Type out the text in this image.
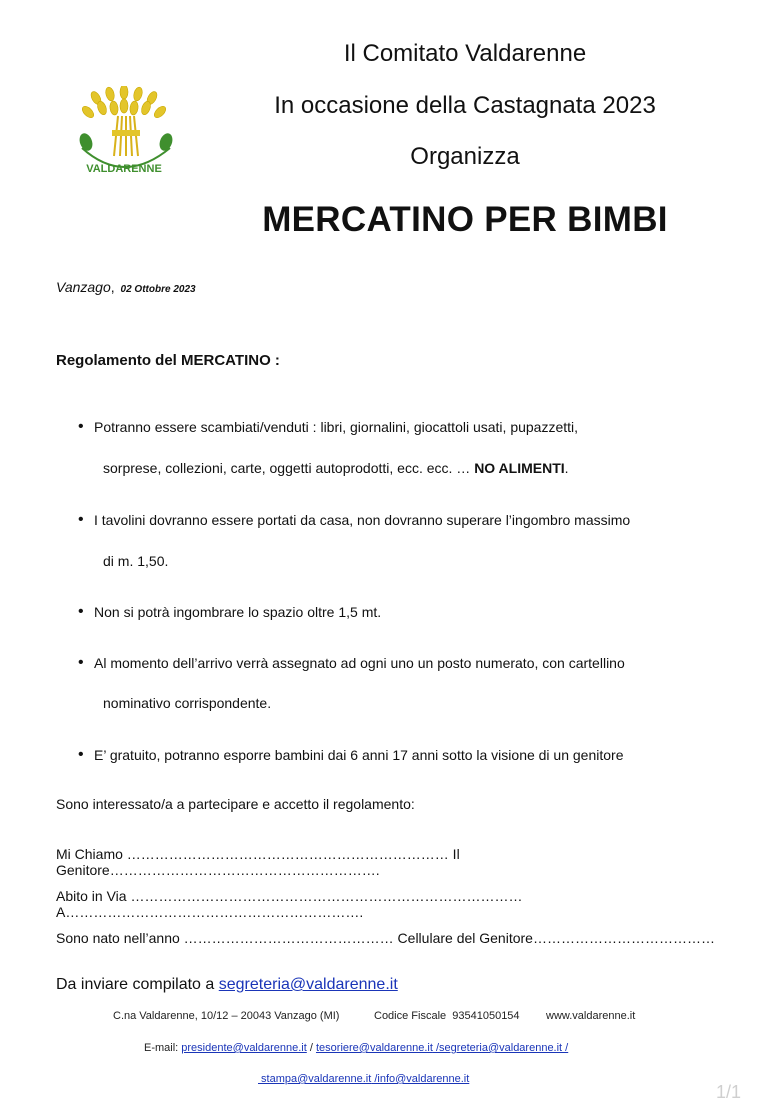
VALDARENNE
Il Comitato Valdarenne
In occasione della Castagnata 2023
Organizza
MERCATINO PER BIMBI
Vanzago, 02 Ottobre 2023
Regolamento del MERCATINO :
• Potranno essere scambiati/venduti : libri, giornalini, giocattoli usati, pupazzetti,
sorprese, collezioni, carte, oggetti autoprodotti, ecc. ecc. … NO ALIMENTI.
• I tavolini dovranno essere portati da casa, non dovranno superare l’ingombro massimo
di m. 1,50.
• Non si potrà ingombrare lo spazio oltre 1,5 mt.
• Al momento dell’arrivo verrà assegnato ad ogni uno un posto numerato, con cartellino
nominativo corrispondente.
• E’ gratuito, potranno esporre bambini dai 6 anni 17 anni sotto la visione di un genitore
Sono interessato/a a partecipare e accetto il regolamento:
Mi Chiamo …………………………………………………………… Il Genitore………………………………………………….
Abito in Via ………………………………………………………………………… A……………………………………………………….
Sono nato nell’anno ……………………………………… Cellulare del Genitore…………………………………
Da inviare compilato a segreteria@valdarenne.it
C.na Valdarenne, 10/12 – 20043 Vanzago (MI)	Codice Fiscale  93541050154 www.valdarenne.it
E-mail: presidente@valdarenne.it / tesoriere@valdarenne.it /segreteria@valdarenne.it /
stampa@valdarenne.it /info@valdarenne.it
1/1
